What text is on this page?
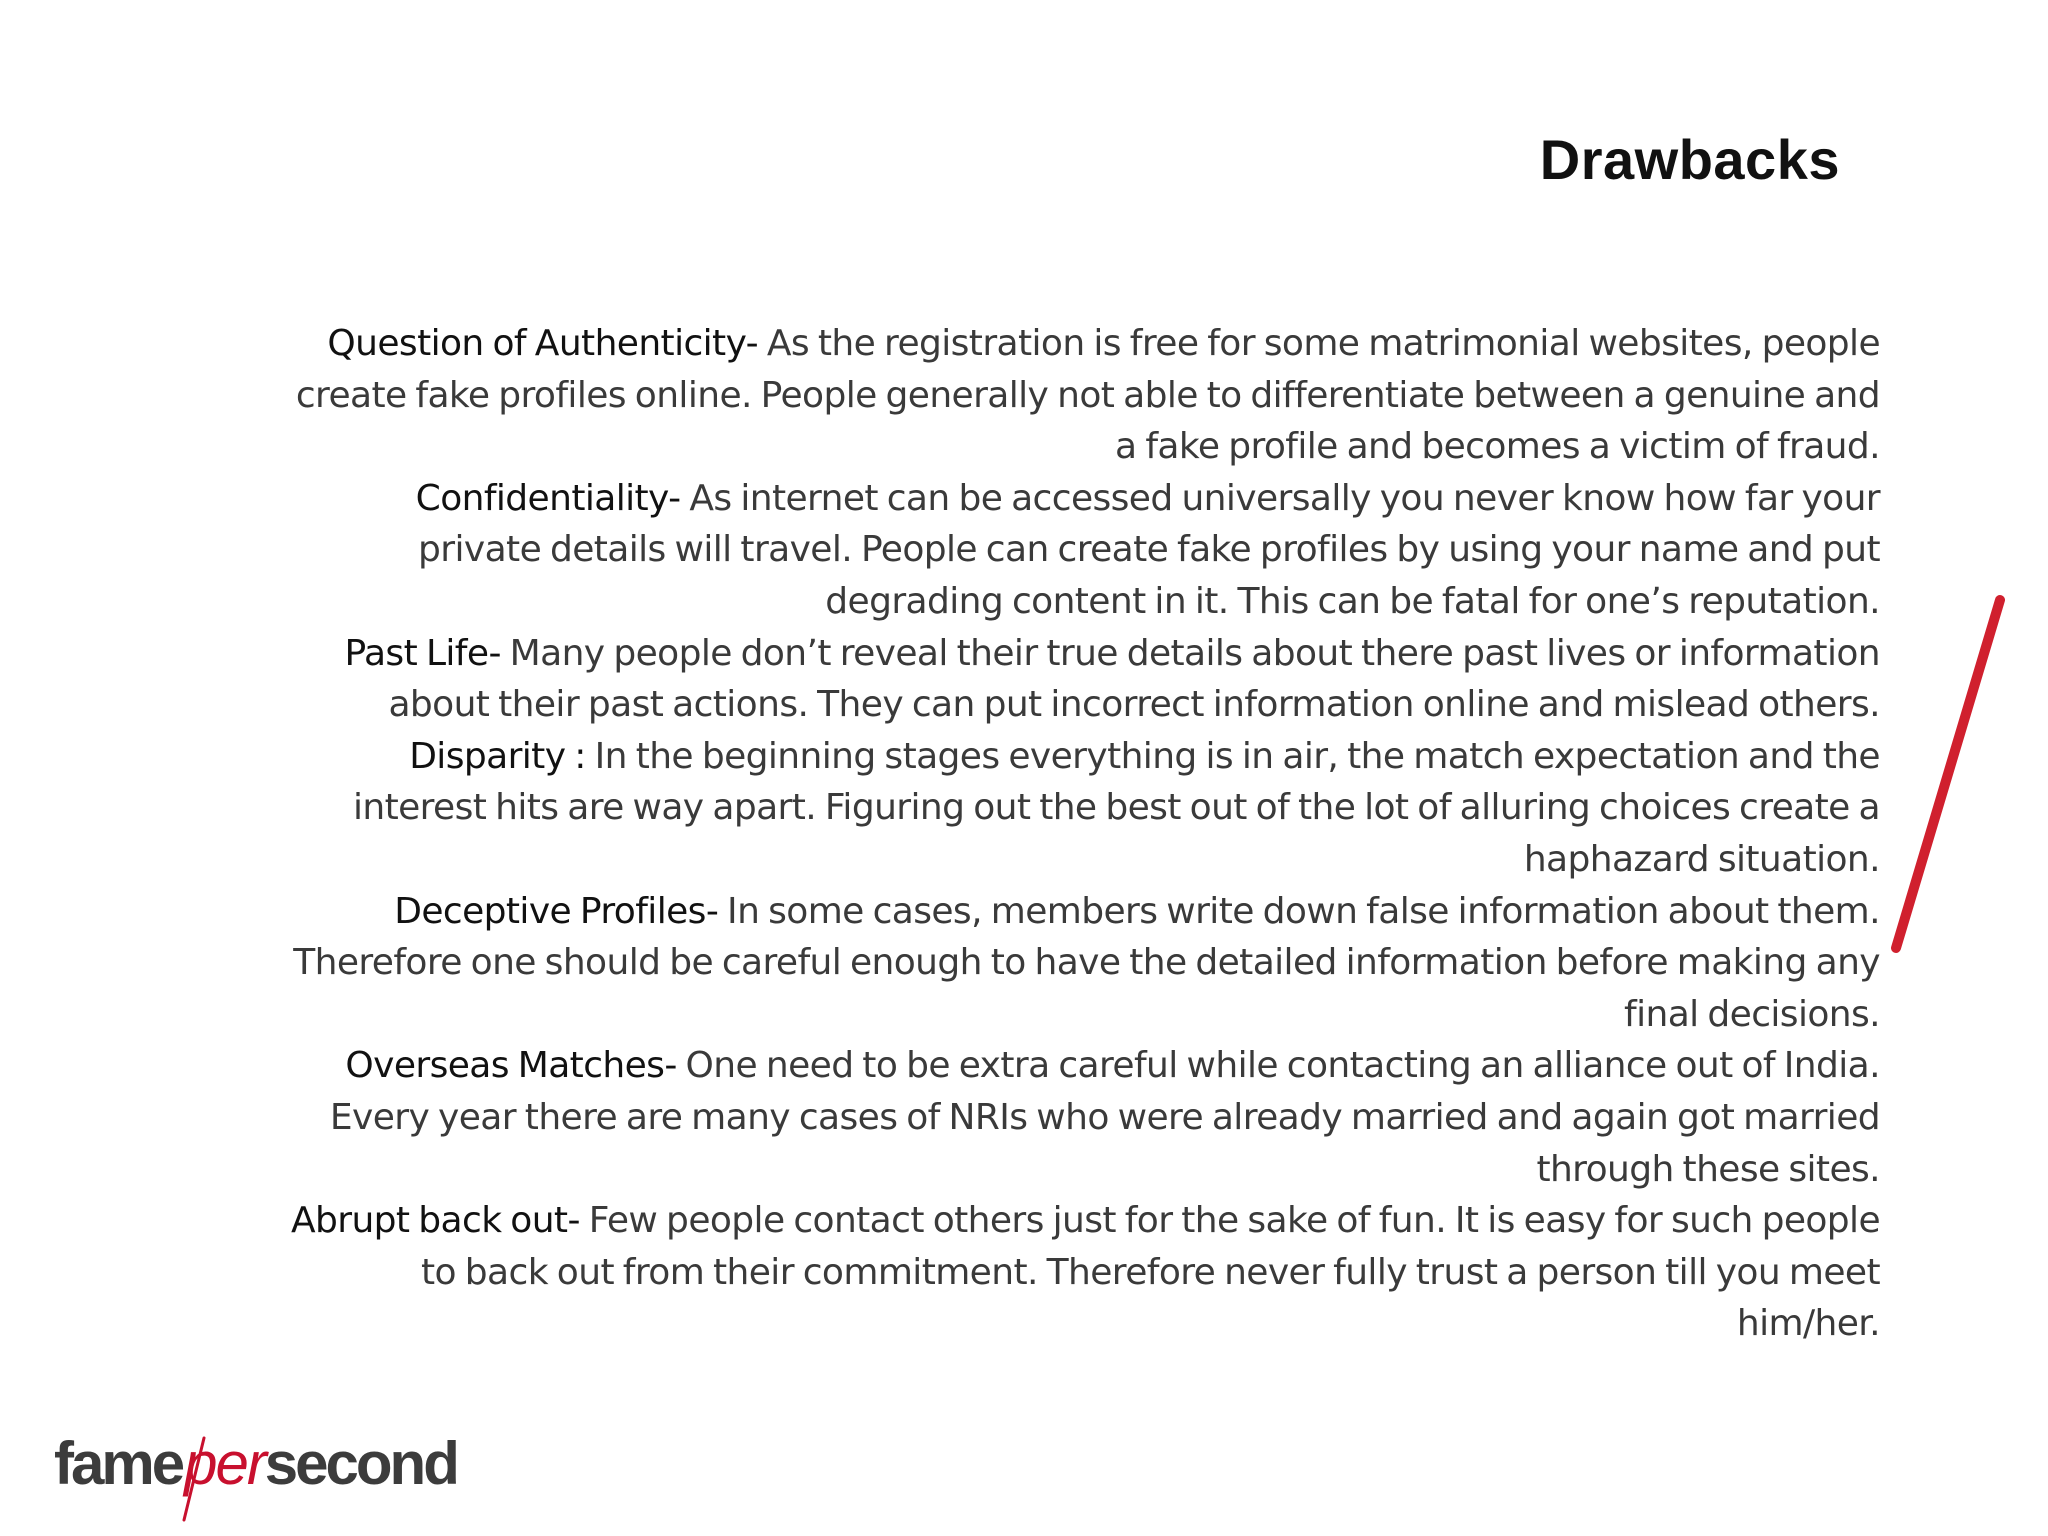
Drawbacks

Question of Authenticity- As the registration is free for some matrimonial websites, people create fake profiles online. People generally not able to differentiate between a genuine and a fake profile and becomes a victim of fraud.

Confidentiality- As internet can be accessed universally you never know how far your private details will travel. People can create fake profiles by using your name and put degrading content in it. This can be fatal for one’s reputation.

Past Life- Many people don’t reveal their true details about there past lives or information about their past actions. They can put incorrect information online and mislead others.

Disparity : In the beginning stages everything is in air, the match expectation and the interest hits are way apart. Figuring out the best out of the lot of alluring choices create a haphazard situation.

Deceptive Profiles- In some cases, members write down false information about them. Therefore one should be careful enough to have the detailed information before making any final decisions.

Overseas Matches- One need to be extra careful while contacting an alliance out of India. Every year there are many cases of NRIs who were already married and again got married through these sites.

Abrupt back out- Few people contact others just for the sake of fun. It is easy for such people to back out from their commitment. Therefore never fully trust a person till you meet him/her.

famepersecond
